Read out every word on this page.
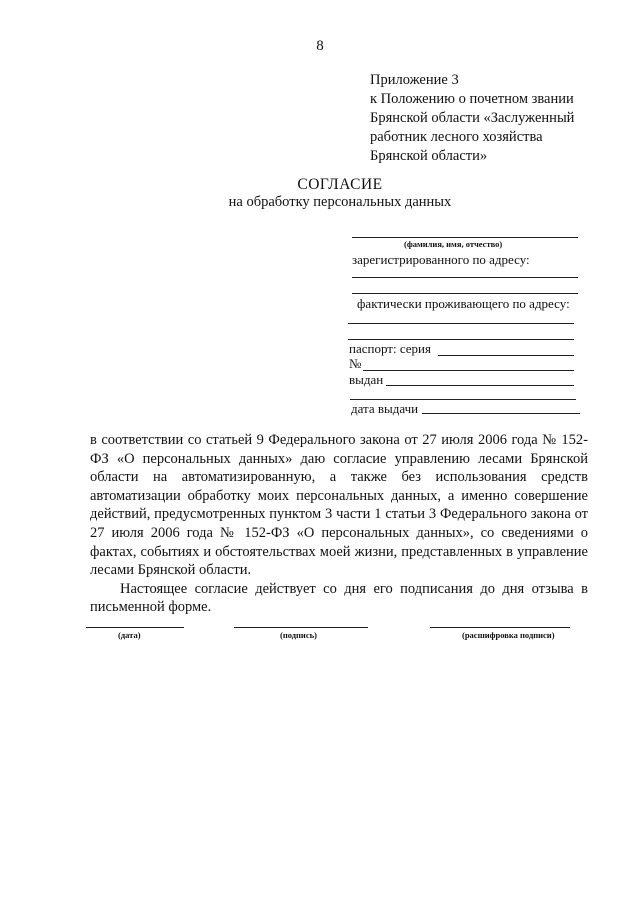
8
Приложение 3
к Положению о почетном звании
Брянской области «Заслуженный
работник лесного хозяйства
Брянской области»
СОГЛАСИЕ
на обработку персональных данных
(фамилия, имя, отчество)
зарегистрированного по адресу:
фактически проживающего по адресу:
паспорт: серия
№
выдан
дата выдачи

в соответствии со статьей 9 Федерального закона от 27 июля 2006 года № 152-ФЗ «О персональных данных» даю согласие управлению лесами Брянской области на автоматизированную, а также без использования средств автоматизации обработку моих персональных данных, а именно совершение действий, предусмотренных пунктом 3 части 1 статьи 3 Федерального закона от 27 июля 2006 года № 152-ФЗ «О персональных данных», со сведениями о фактах, событиях и обстоятельствах моей жизни, представленных в управление лесами Брянской области.

Настоящее согласие действует со дня его подписания до дня отзыва в письменной форме.

(дата)	(подпись)	(расшифровка подписи)
